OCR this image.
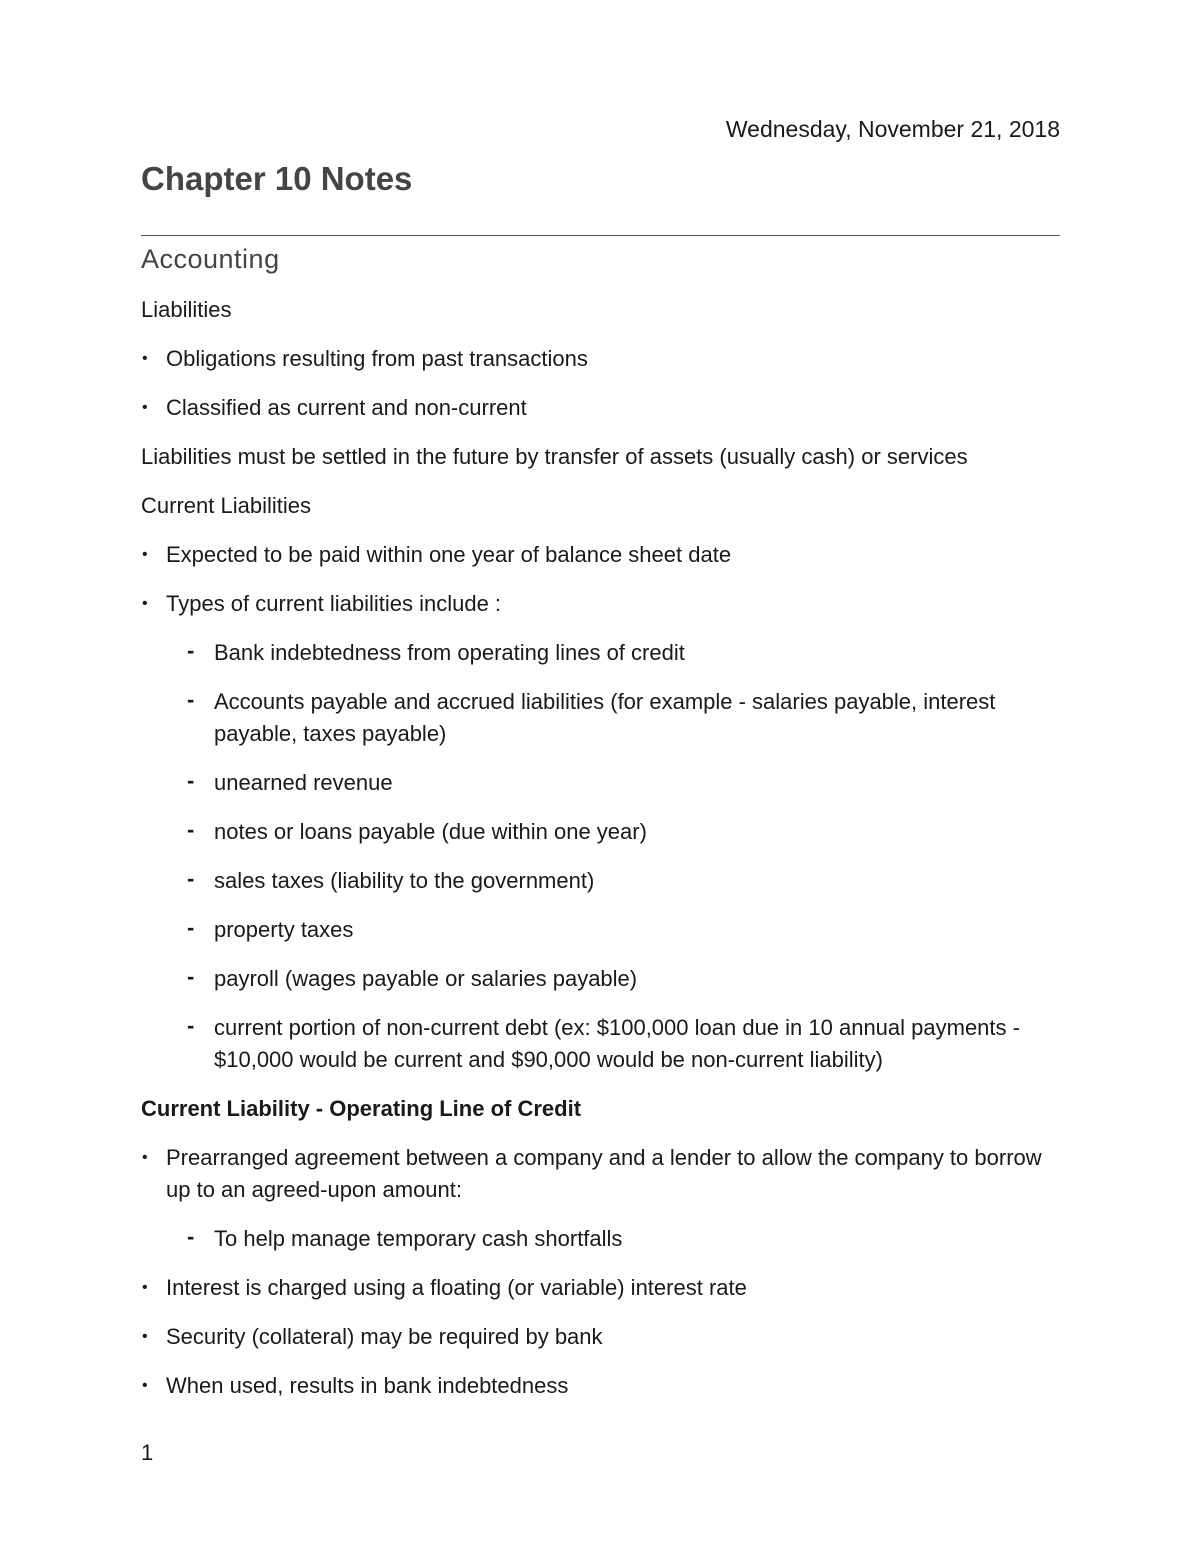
Wednesday, November 21, 2018
Chapter 10 Notes
Accounting
Liabilities
• Obligations resulting from past transactions
• Classified as current and non-current
Liabilities must be settled in the future by transfer of assets (usually cash) or services
Current Liabilities
• Expected to be paid within one year of balance sheet date
• Types of current liabilities include :
- Bank indebtedness from operating lines of credit
- Accounts payable and accrued liabilities (for example - salaries payable, interest payable, taxes payable)
- unearned revenue
- notes or loans payable (due within one year)
- sales taxes (liability to the government)
- property taxes
- payroll (wages payable or salaries payable)
- current portion of non-current debt (ex: $100,000 loan due in 10 annual payments - $10,000 would be current and $90,000 would be non-current liability)
Current Liability - Operating Line of Credit
• Prearranged agreement between a company and a lender to allow the company to borrow up to an agreed-upon amount:
- To help manage temporary cash shortfalls
• Interest is charged using a floating (or variable) interest rate
• Security (collateral) may be required by bank
• When used, results in bank indebtedness
1
